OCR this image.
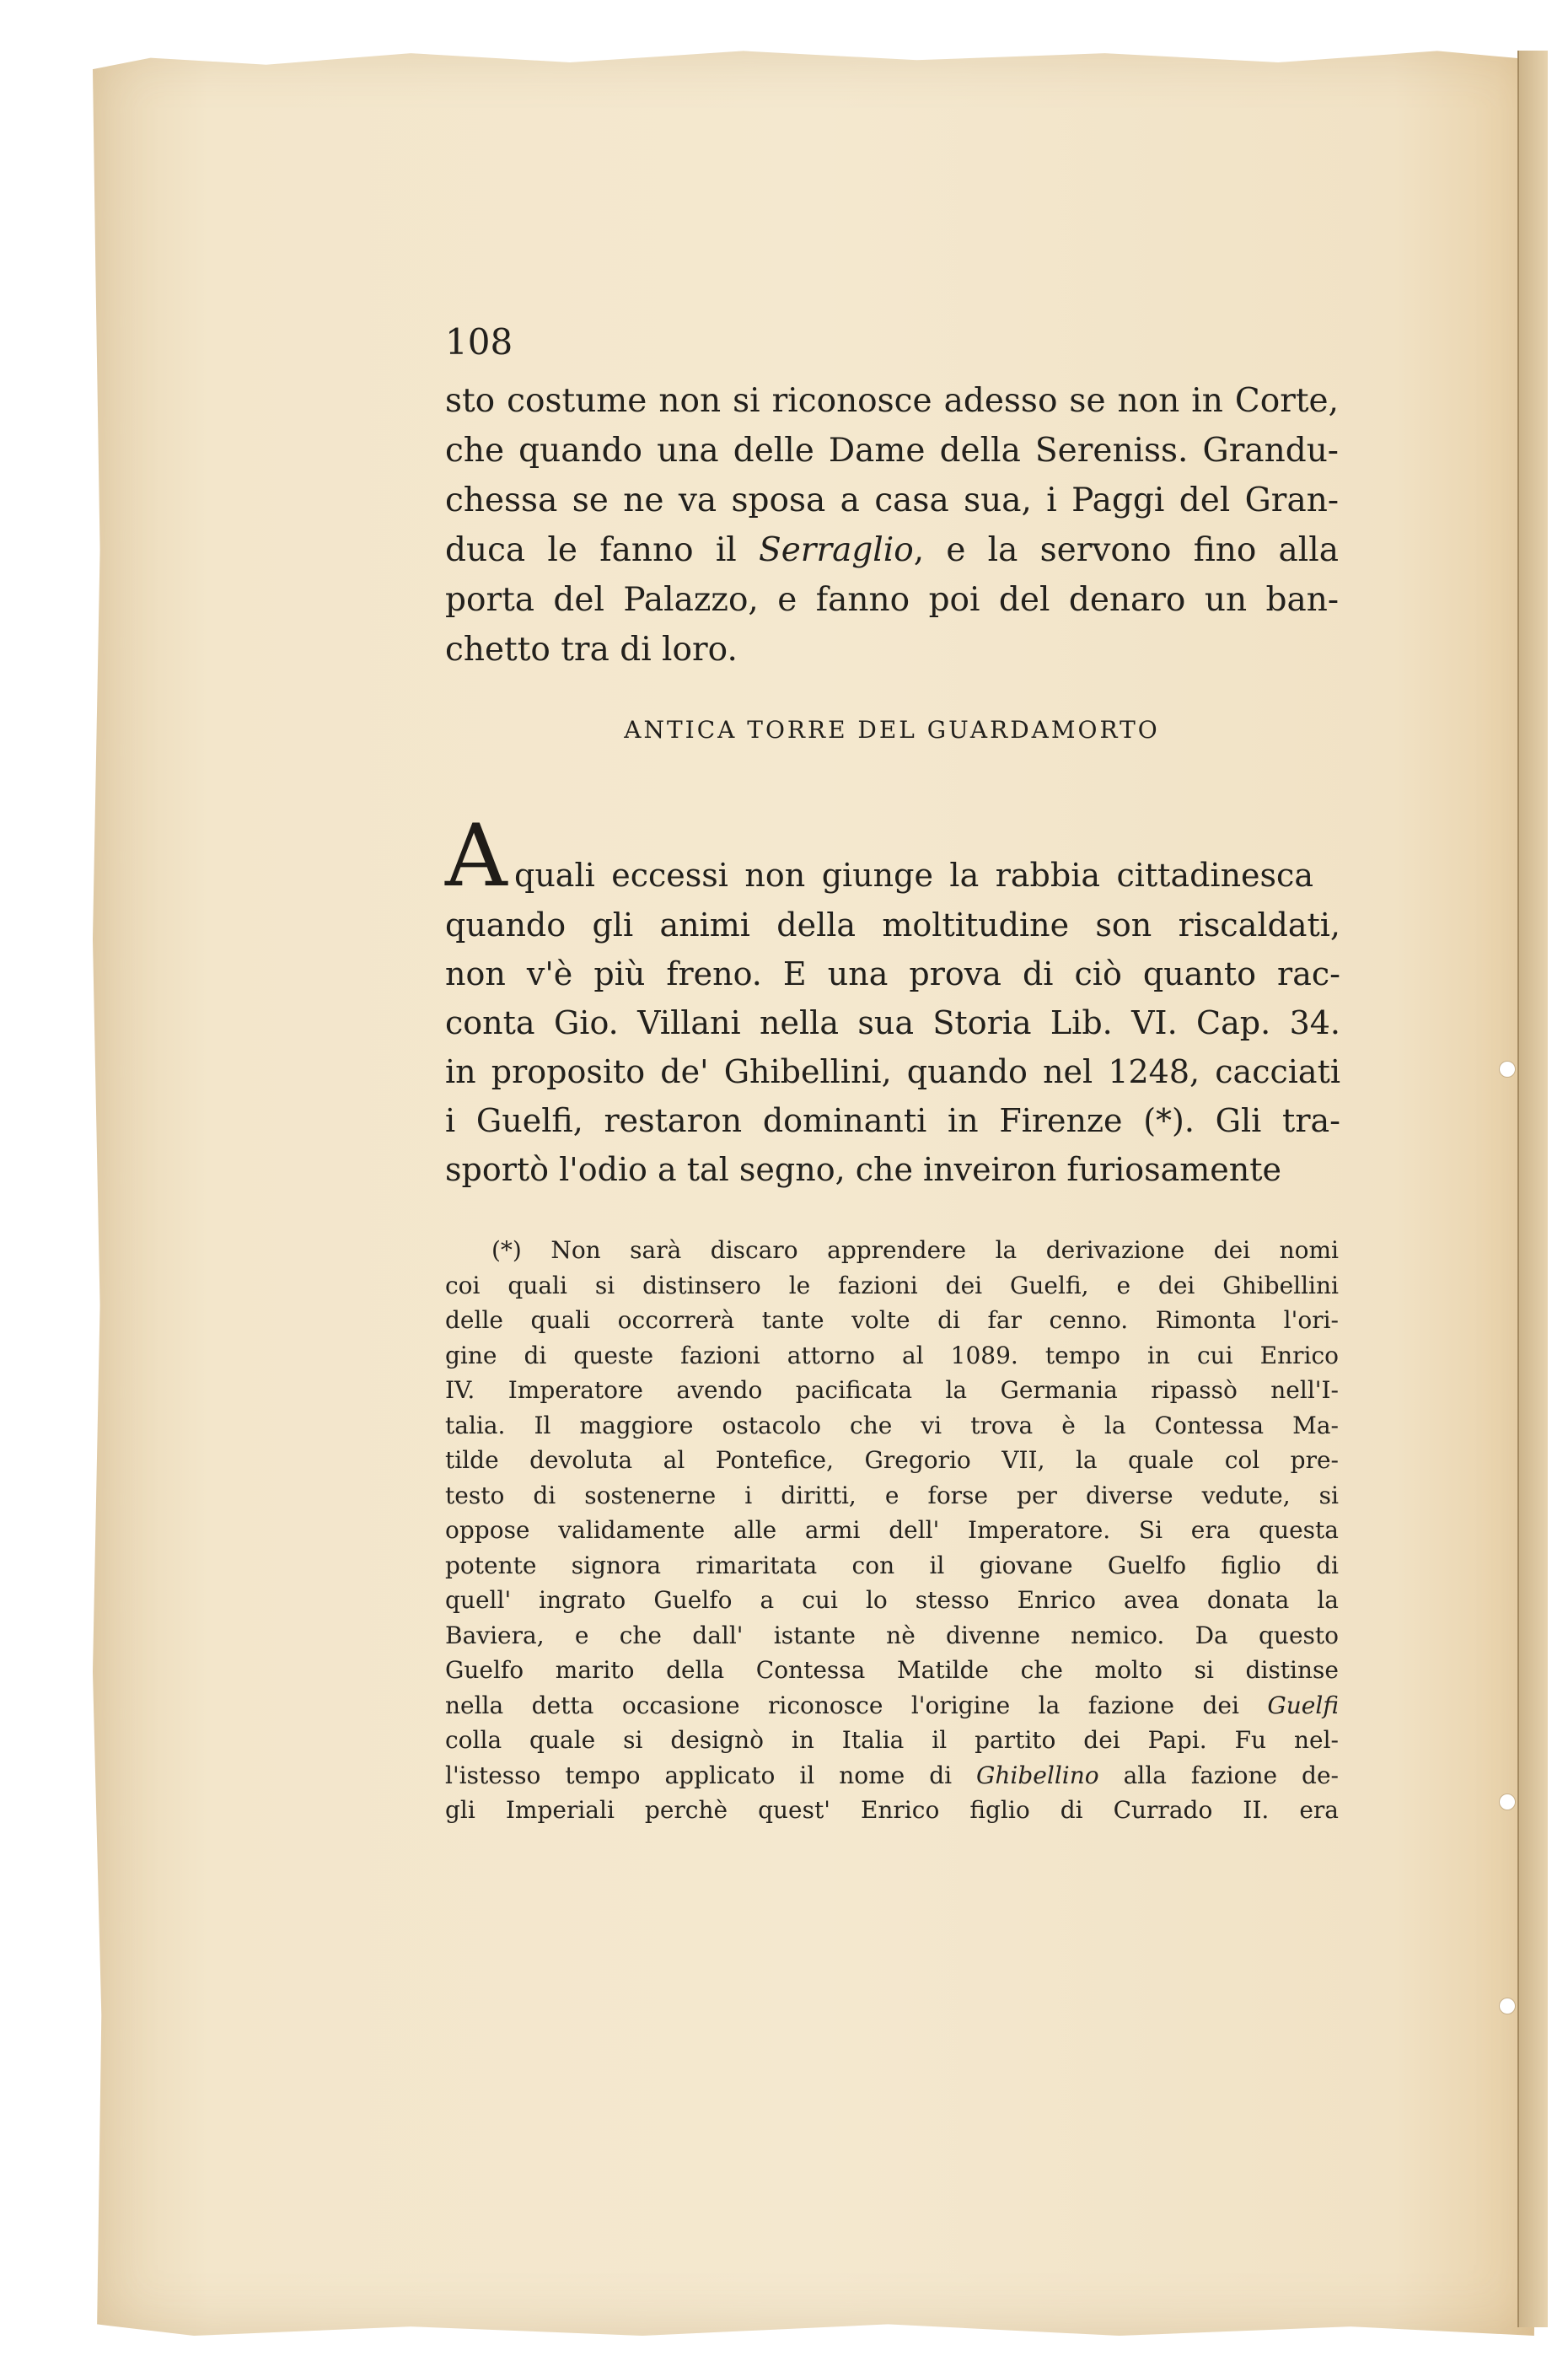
108

sto costume non si riconosce adesso se non in Corte,

che quando una delle Dame della Sereniss. Grandu-

chessa se ne va sposa a casa sua, i Paggi del Gran-

duca le fanno il Serraglio, e la servono fino alla

porta del Palazzo, e fanno poi del denaro un ban-

chetto tra di loro.

ANTICA TORRE DEL GUARDAMORTO
A quali eccessi non giunge la rabbia cittadinesca

quando gli animi della moltitudine son riscaldati,

non v'è più freno. E una prova di ciò quanto rac-

conta Gio. Villani nella sua Storia Lib. VI. Cap. 34.

in proposito de' Ghibellini, quando nel 1248, cacciati

i Guelfi, restaron dominanti in Firenze (*). Gli tra-

sportò l'odio a tal segno, che inveiron furiosamente

(*) Non sarà discaro apprendere la derivazione dei nomi

coi quali si distinsero le fazioni dei Guelfi, e dei Ghibellini

delle quali occorrerà tante volte di far cenno. Rimonta l'ori-

gine di queste fazioni attorno al 1089. tempo in cui Enrico

IV. Imperatore avendo pacificata la Germania ripassò nell'I-

talia. Il maggiore ostacolo che vi trova è la Contessa Ma-

tilde devoluta al Pontefice, Gregorio VII, la quale col pre-

testo di sostenerne i diritti, e forse per diverse vedute, si

oppose validamente alle armi dell' Imperatore. Si era questa

potente signora rimaritata con il giovane Guelfo figlio di

quell' ingrato Guelfo a cui lo stesso Enrico avea donata la

Baviera, e che dall' istante nè divenne nemico. Da questo

Guelfo marito della Contessa Matilde che molto si distinse

nella detta occasione riconosce l'origine la fazione dei Guelfi

colla quale si designò in Italia il partito dei Papi. Fu nel-

l'istesso tempo applicato il nome di Ghibellino alla fazione de-

gli Imperiali perchè quest' Enrico figlio di Currado II. era
